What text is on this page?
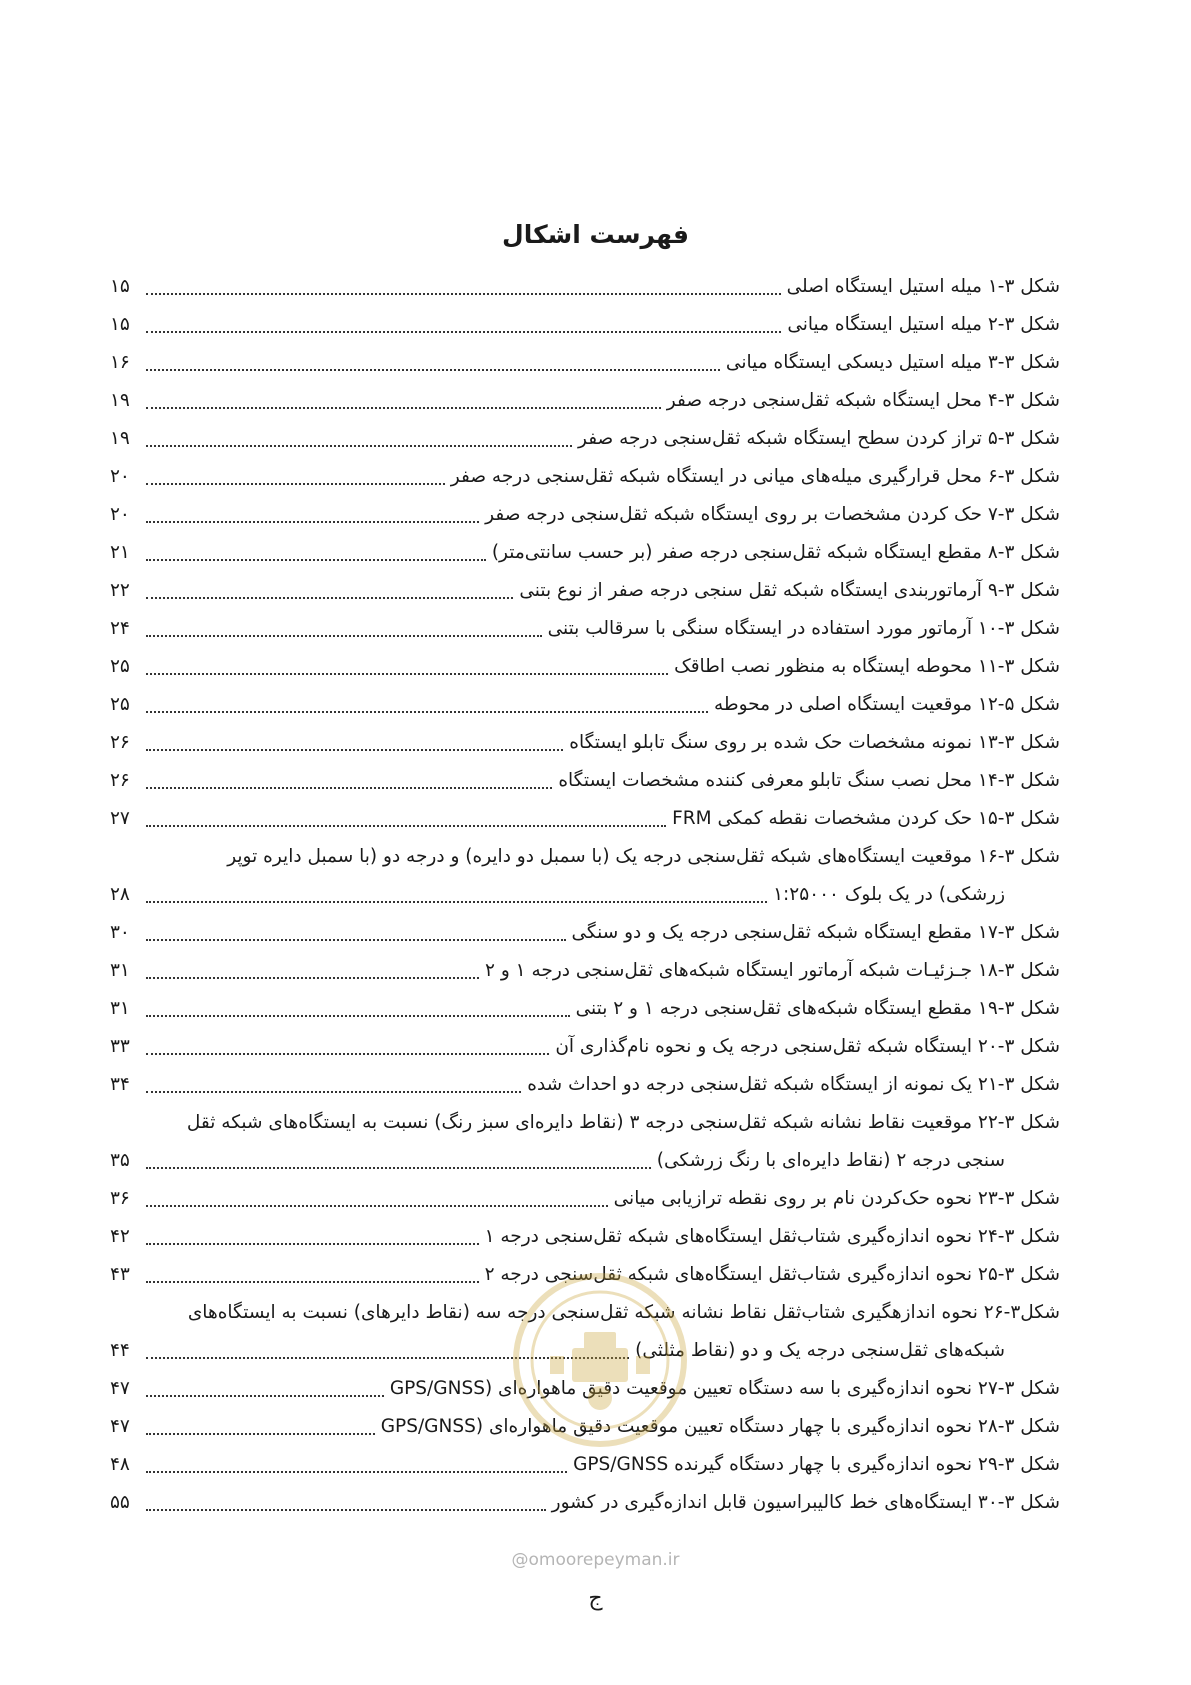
فهرست اشکال
شکل ۳-۱ میله استیل ایستگاه اصلی
۱۵
شکل ۳-۲ میله استیل ایستگاه میانی
۱۵
شکل ۳-۳ میله استیل دیسکی ایستگاه میانی
۱۶
شکل ۳-۴ محل ایستگاه شبکه ثقل‌سنجی درجه صفر
۱۹
شکل ۳-۵ تراز کردن سطح ایستگاه شبکه ثقل‌سنجی درجه صفر
۱۹
شکل ۳-۶ محل قرارگیری میله‌های میانی در ایستگاه شبکه ثقل‌سنجی درجه صفر
۲۰
شکل ۳-۷ حک کردن مشخصات بر روی ایستگاه شبکه ثقل‌سنجی درجه صفر
۲۰
شکل ۳-۸ مقطع ایستگاه شبکه ثقل‌سنجی درجه صفر (بر حسب سانتی‌متر)
۲۱
شکل ۳-۹ آرماتوربندی ایستگاه شبکه ثقل سنجی درجه صفر از نوع بتنی
۲۲
شکل ۳-۱۰ آرماتور مورد استفاده در ایستگاه سنگی با سرقالب بتنی
۲۴
شکل ۳-۱۱ محوطه ایستگاه به منظور نصب اطاقک
۲۵
شکل ۵-۱۲ موقعیت ایستگاه اصلی در محوطه
۲۵
شکل ۳-۱۳ نمونه مشخصات حک شده بر روی سنگ تابلو ایستگاه
۲۶
شکل ۳-۱۴ محل نصب سنگ تابلو معرفی کننده مشخصات ایستگاه
۲۶
شکل ۳-۱۵ حک کردن مشخصات نقطه کمکی FRM
۲۷
شکل ۳-۱۶ موقعیت ایستگاه‌های شبکه ثقل‌سنجی درجه یک (با سمبل دو دایره) و درجه دو (با سمبل دایره توپر
زرشکی) در یک بلوک ۱:۲۵۰۰۰
۲۸
شکل ۳-۱۷ مقطع ایستگاه شبکه ثقل‌سنجی درجه یک و دو سنگی
۳۰
شکل ۳-۱۸ جـزئیـات شبکه آرماتور ایستگاه شبکه‌های ثقل‌سنجی درجه ۱ و ۲
۳۱
شکل ۳-۱۹ مقطع ایستگاه شبکه‌های ثقل‌سنجی درجه ۱ و ۲ بتنی
۳۱
شکل ۳-۲۰ ایستگاه شبکه ثقل‌سنجی درجه یک و نحوه نام‌گذاری آن
۳۳
شکل ۳-۲۱ یک نمونه از ایستگاه شبکه ثقل‌سنجی درجه دو احداث شده
۳۴
شکل ۳-۲۲ موقعیت نقاط نشانه شبکه ثقل‌سنجی درجه ۳ (نقاط دایره‌ای سبز رنگ) نسبت به ایستگاه‌های شبکه ثقل
سنجی درجه ۲ (نقاط دایره‌ای با رنگ زرشکی)
۳۵
شکل ۳-۲۳ نحوه حک‌کردن نام بر روی نقطه ترازیابی میانی
۳۶
شکل ۳-۲۴ نحوه اندازه‌گیری شتاب‌ثقل ایستگاه‌های شبکه ثقل‌سنجی درجه ۱
۴۲
شکل ۳-۲۵ نحوه اندازه‌گیری شتاب‌ثقل ایستگاه‌های شبکه ثقل‌سنجی درجه ۲
۴۳
شکل۳-۲۶ نحوه اندازهگیری شتاب‌ثقل نقاط نشانه شبکه ثقل‌سنجی درجه سه (نقاط دایرهای) نسبت به ایستگاه‌های
شبکه‌های ثقل‌سنجی درجه یک و دو (نقاط مثلثی)
۴۴
شکل ۳-۲۷ نحوه اندازه‌گیری با سه دستگاه تعیین موقعیت دقیق ماهواره‌ای (GPS/GNSS
۴۷
شکل ۳-۲۸ نحوه اندازه‌گیری با چهار دستگاه تعیین موقعیت دقیق ماهواره‌ای (GPS/GNSS
۴۷
شکل ۳-۲۹ نحوه اندازه‌گیری با چهار دستگاه گیرنده GPS/GNSS
۴۸
شکل ۳-۳۰ ایستگاه‌های خط کالیبراسیون قابل اندازه‌گیری در کشور
۵۵
@omoorepeyman.ir
ج
